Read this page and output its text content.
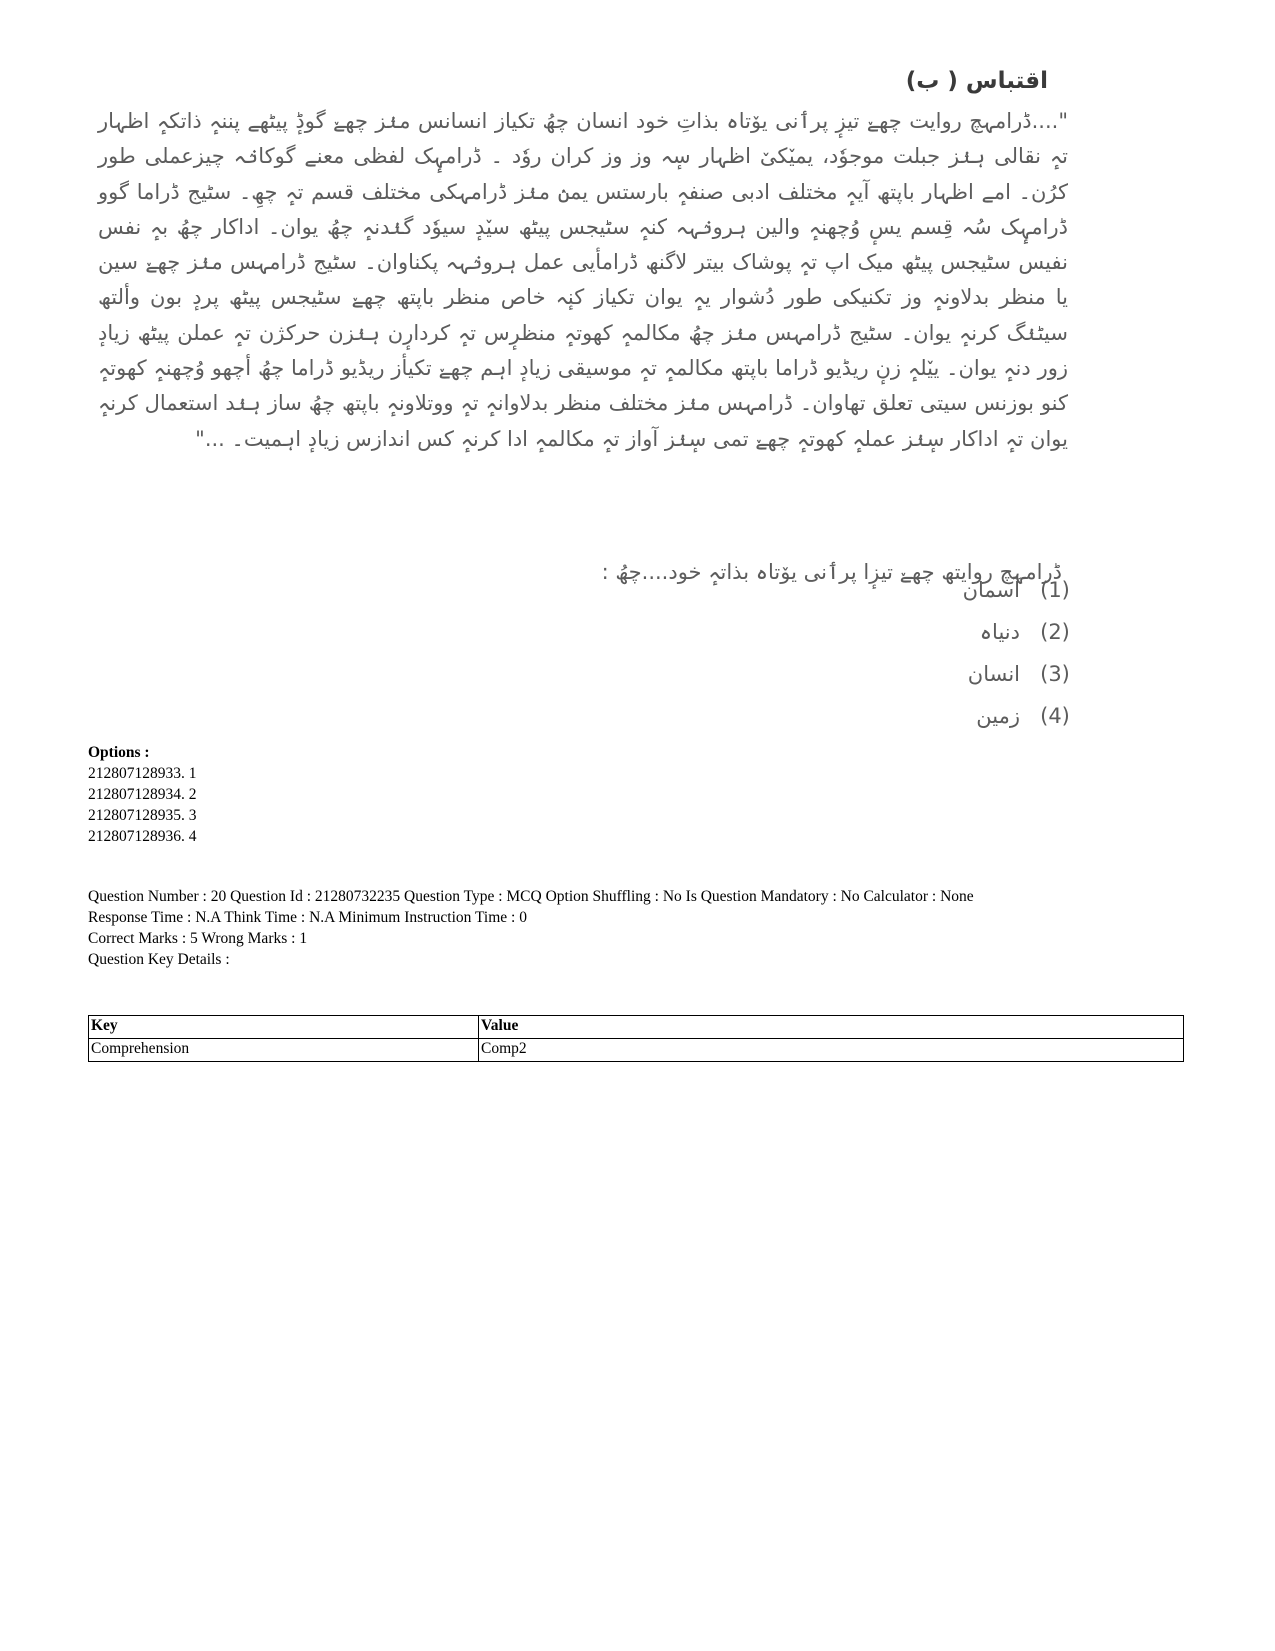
اقتباس ( ب)
"....ڈرامہچ روایت چھےٚ تیزٕ پرٲنی یوٚتاہ بذاتِ خود انسان چھُ تکیاز انسانس منٛز چھےٚ گوڈٕ پیٹھے پننہٕ ذاتکہٕ اظہار تہٕ نقالی ہنٛز جبلت موجوٗد، یمیٚکیٚ اظہار سٕہ وز وز کران روٗد ۔ ڈرامہٕک لفظی معنے گوکانٛہ چیزعملی طور کرُن۔ امے اظہار باپتھ آیہٕ مختلف ادبی صنفہٕ بارستس یمنٛ منٛز ڈرامہکی مختلف قسم تہٕ چھِ۔ سٹیج ڈراما گوو ڈرامہٕک سُہ قِسم یسٕ وُچھنہٕ والین ہرونٛہہ کنہٕ سٹیجس پیٹھ سیٚدٕ سیوٗد گنٛدنہٕ چھُ یوان۔ اداکار چھُ بہٕ نفس نفیس سٹیجس پیٹھ میک اپ تہٕ پوشاک بیتر لاگنھ ڈرامأیی عمل ہرونٛہہ پکناوان۔ سٹیج ڈرامہس منٛز چھےٚ سین یا منظر بدلاونہٕ وز تکنیکی طور دُشوار یہٕ یوان تکیاز کنٕہ خاص منظر باپتھ چھےٚ سٹیجس پیٹھ پردٕ بون وألتھ سیٹنٛگ کرنہٕ یوان۔ سٹیج ڈرامہس منٛز چھُ مکالمہٕ کھوتہٕ منظرٕس تہٕ کردارٕن ہنٛزن حرکژن تہٕ عملن پیٹھ زیادٕ زور دنہٕ یوان۔ ییٚلہٕ زنٕ ریڈیو ڈراما باپتھ مکالمہٕ تہٕ موسیقی زیادٕ اہم چھےٚ تکیأز ریڈیو ڈراما چھُ أچھو وُچھنہٕ کھوتہٕ کنو بوزنس سیتی تعلق تھاوان۔ ڈرامہس منٛز مختلف منظر بدلاوانہٕ تہٕ ووتلاونہٕ باپتھ چھُ ساز ہنٛد استعمال کرنہٕ یوان تہٕ اداکار سٕنٛز عملہٕ کھوتہٕ چھےٚ تمی سٕنٛز آواز تہٕ مکالمہٕ ادا کرنہٕ کس اندازس زیادٕ اہمیت۔ ..."
ڈرامہچ روایتھ چھےٚ تیزٕا پرٲنی یوٚتاہ بذاتہٕ خود....چھُ :
(1)آسمان
(2)دنیاہ
(3)انسان
(4)زمین
Options :
212807128933. 1
212807128934. 2
212807128935. 3
212807128936. 4
Question Number : 20 Question Id : 21280732235 Question Type : MCQ Option Shuffling : No Is Question Mandatory : No Calculator : None
Response Time : N.A Think Time : N.A Minimum Instruction Time : 0
Correct Marks : 5 Wrong Marks : 1
Question Key Details :
Key	Value
Comprehension	Comp2
